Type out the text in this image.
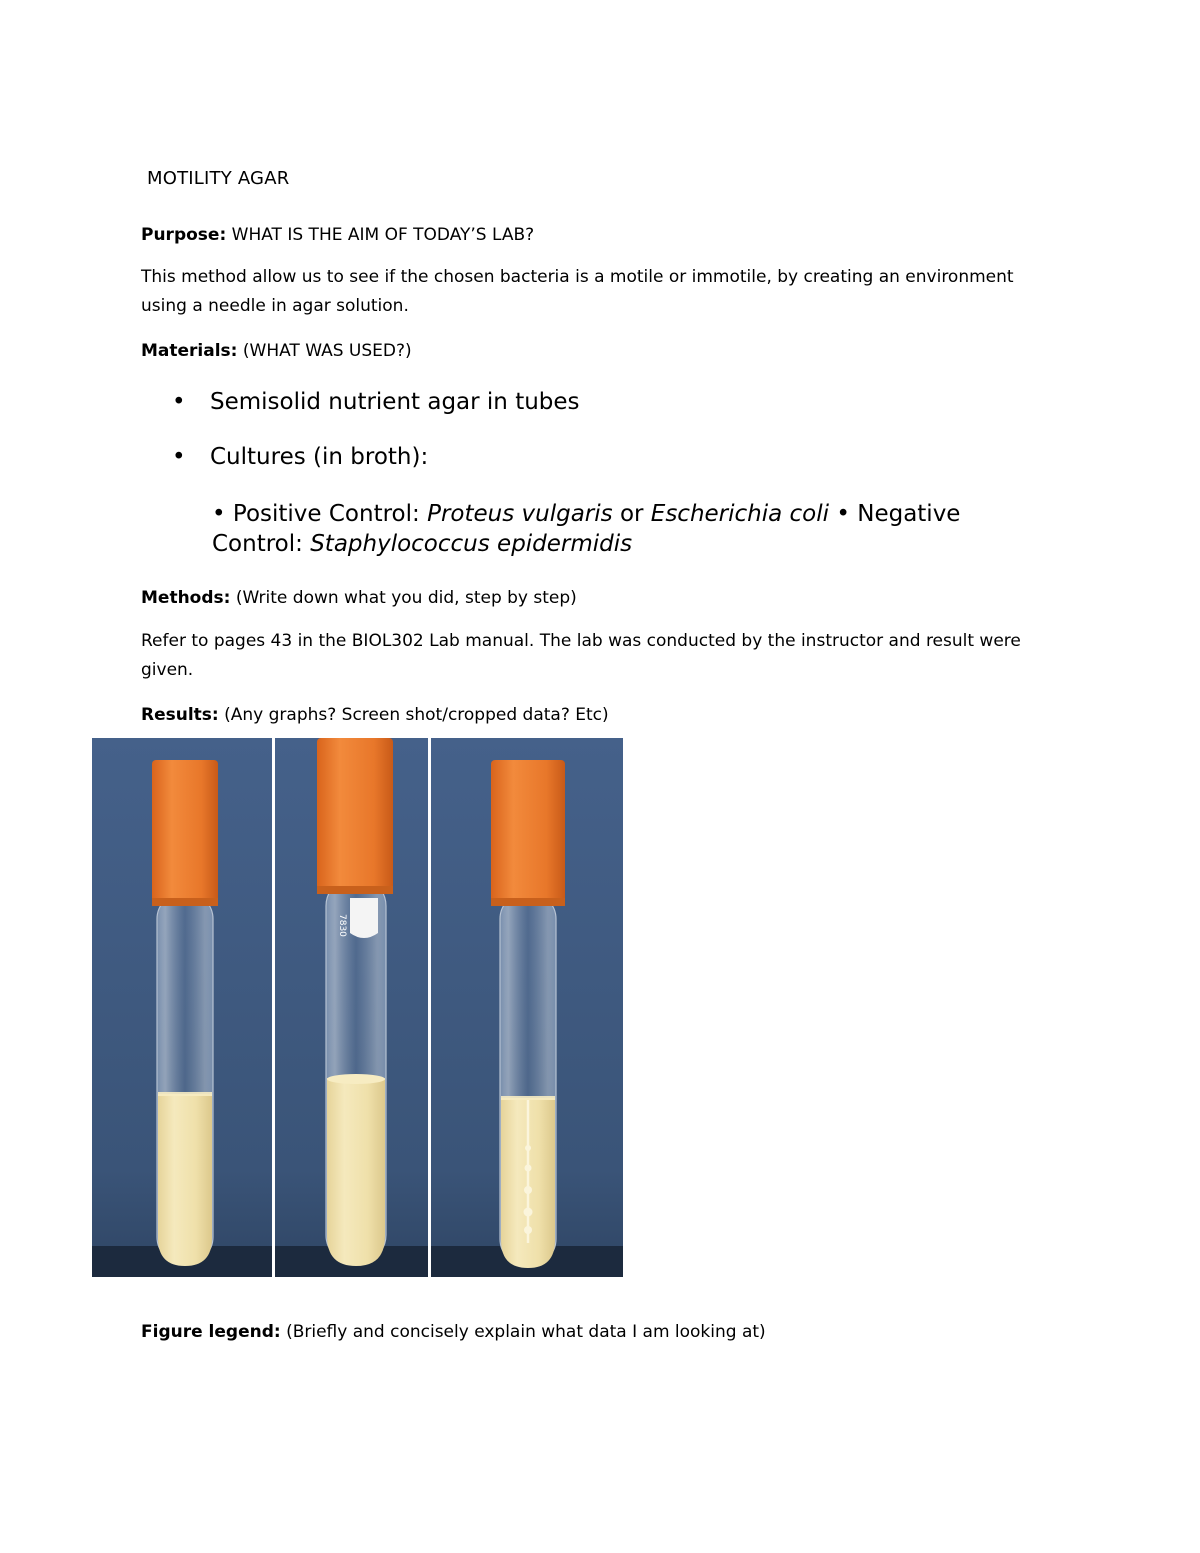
MOTILITY AGAR
Purpose: WHAT IS THE AIM OF TODAY’S LAB?
This method allow us to see if the chosen bacteria is a motile or immotile, by creating an environment
using a needle in agar solution.
Materials: (WHAT WAS USED?)
• Semisolid nutrient agar in tubes
• Cultures (in broth):
• Positive Control: Proteus vulgaris or Escherichia coli • Negative
Control: Staphylococcus epidermidis
Methods: (Write down what you did, step by step)
Refer to pages 43 in the BIOL302 Lab manual. The lab was conducted by the instructor and result were
given.
Results: (Any graphs? Screen shot/cropped data? Etc)
7830
Figure legend: (Briefly and concisely explain what data I am looking at)
